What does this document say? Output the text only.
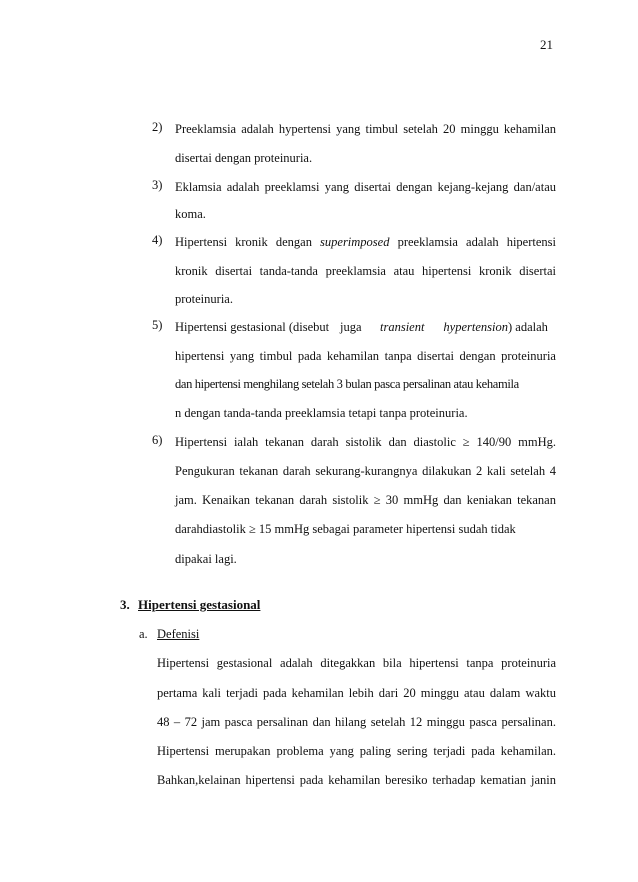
21
2)	Preeklamsia adalah hypertensi yang timbul setelah 20 minggu kehamilan
disertai dengan proteinuria.
3)	Eklamsia adalah preeklamsi yang disertai dengan kejang-kejang dan/atau
koma.
4)	Hipertensi kronik dengan superimposed preeklamsia adalah hipertensi
kronik disertai tanda-tanda preeklamsia atau hipertensi kronik disertai
proteinuria.
5)	Hipertensi gestasional (disebut juga transient hypertension ) adalah
hipertensi yang timbul pada kehamilan tanpa disertai dengan proteinuria
dan hipertensi menghilang setelah 3 bulan pasca persalinan atau kehamila
n dengan tanda-tanda preeklamsia tetapi tanpa proteinuria.
6)	Hipertensi ialah tekanan darah sistolik dan diastolic ≥ 140/90 mmHg.
Pengukuran tekanan darah sekurang-kurangnya dilakukan 2 kali setelah 4
jam. Kenaikan tekanan darah sistolik ≥ 30 mmHg dan keniakan tekanan
darahdiastolik ≥ 15 mmHg sebagai parameter hipertensi sudah tidak
dipakai lagi.
3. Hipertensi gestasional
a. Defenisi
Hipertensi gestasional adalah ditegakkan bila hipertensi tanpa proteinuria
pertama kali terjadi pada kehamilan lebih dari 20 minggu atau dalam waktu
48 – 72 jam pasca persalinan dan hilang setelah 12 minggu pasca persalinan.
Hipertensi merupakan problema yang paling sering terjadi pada kehamilan.
Bahkan,kelainan hipertensi pada kehamilan beresiko terhadap kematian janin
